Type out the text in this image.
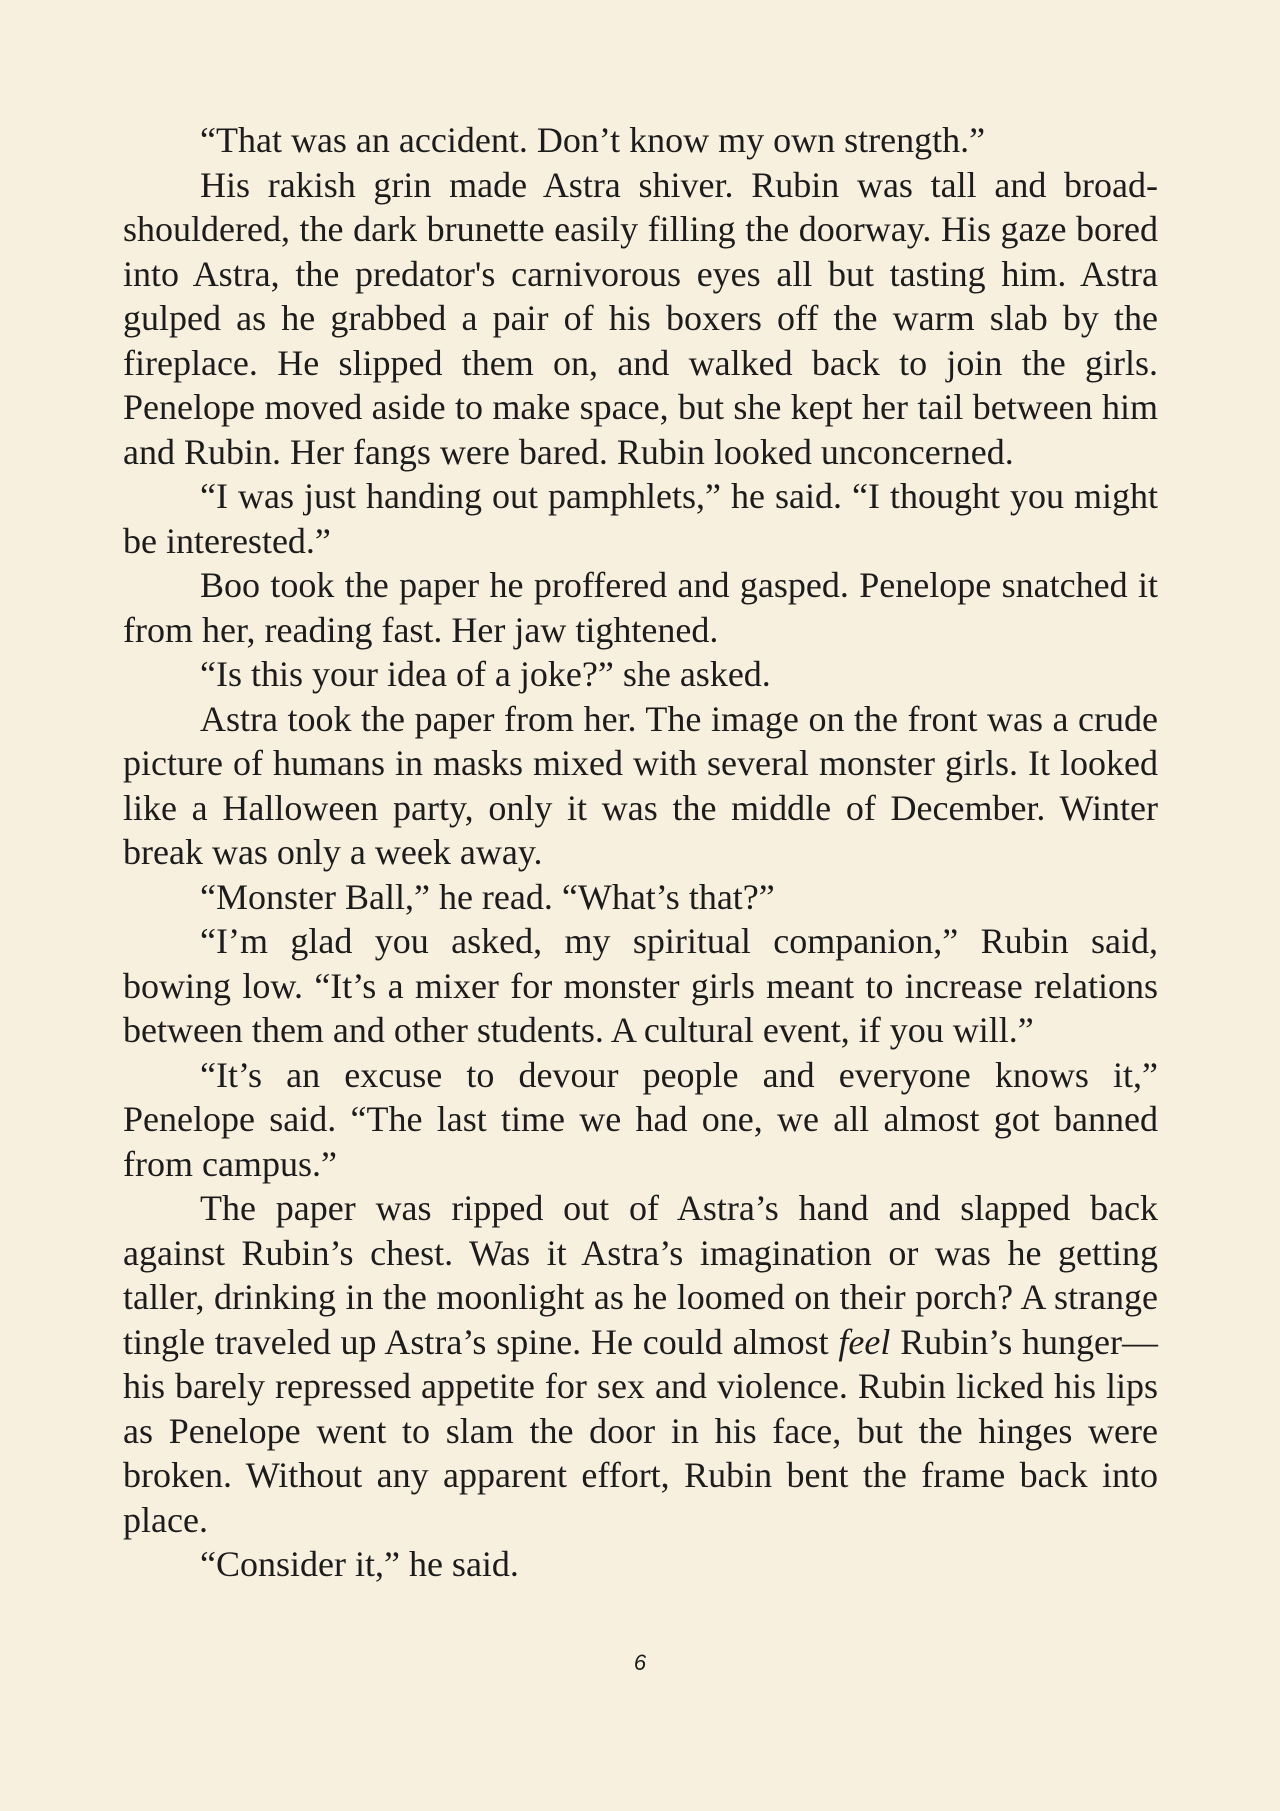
“That was an accident. Don’t know my own strength.”

His rakish grin made Astra shiver. Rubin was tall and broad-shouldered, the dark brunette easily filling the doorway. His gaze bored into Astra, the predator's carnivorous eyes all but tasting him. Astra gulped as he grabbed a pair of his boxers off the warm slab by the fireplace. He slipped them on, and walked back to join the girls. Penelope moved aside to make space, but she kept her tail between him and Rubin. Her fangs were bared. Rubin looked unconcerned.

“I was just handing out pamphlets,” he said. “I thought you might be interested.”

Boo took the paper he proffered and gasped. Penelope snatched it from her, reading fast. Her jaw tightened.

“Is this your idea of a joke?” she asked.

Astra took the paper from her. The image on the front was a crude picture of humans in masks mixed with several monster girls. It looked like a Halloween party, only it was the middle of December. Winter break was only a week away.

“Monster Ball,” he read. “What’s that?”

“I’m glad you asked, my spiritual companion,” Rubin said, bowing low. “It’s a mixer for monster girls meant to increase relations between them and other students. A cultural event, if you will.”

“It’s an excuse to devour people and everyone knows it,” Penelope said. “The last time we had one, we all almost got banned from campus.”

The paper was ripped out of Astra’s hand and slapped back against Rubin’s chest. Was it Astra’s imagination or was he getting taller, drinking in the moonlight as he loomed on their porch? A strange tingle traveled up Astra’s spine. He could almost feel Rubin’s hunger—his barely repressed appetite for sex and violence. Rubin licked his lips as Penelope went to slam the door in his face, but the hinges were broken. Without any apparent effort, Rubin bent the frame back into place.

“Consider it,” he said.

6
